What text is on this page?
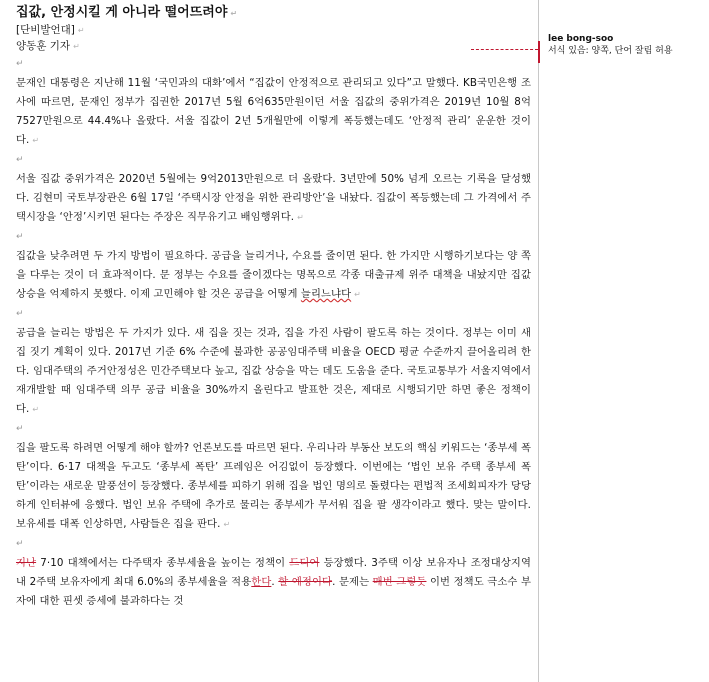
집값, 안정시킬 게 아니라 떨어뜨려야 ↵
[단비발언대] ↵
양동훈 기자 ↵
↵

문재인 대통령은 지난해 11월 ‘국민과의 대화’에서 “집값이 안정적으로 관리되고 있다”고 말했다. KB국민은행 조사에 따르면, 문재인 정부가 집권한 2017년 5월 6억635만원이던 서울 집값의 중위가격은 2019년 10월 8억7527만원으로 44.4%나 올랐다. 서울 집값이 2년 5개월만에 이렇게 폭등했는데도 ‘안정적 관리’ 운운한 것이다. ↵

↵

서울 집값 중위가격은 2020년 5월에는 9억2013만원으로 더 올랐다. 3년만에 50% 넘게 오르는 기록을 달성했다. 김현미 국토부장관은 6월 17일 ‘주택시장 안정을 위한 관리방안’을 내놨다. 집값이 폭등했는데 그 가격에서 주택시장을 ‘안정’시키면 된다는 주장은 직무유기고 배임행위다. ↵

↵

집값을 낮추려면 두 가지 방법이 필요하다. 공급을 늘리거나, 수요를 줄이면 된다. 한 가지만 시행하기보다는 양 쪽을 다루는 것이 더 효과적이다. 문 정부는 수요를 줄이겠다는 명목으로 각종 대출규제 위주 대책을 내놨지만 집값 상승을 억제하지 못했다. 이제 고민해야 할 것은 공급을 어떻게 늘리느냐다 ↵

↵

공급을 늘리는 방법은 두 가지가 있다. 새 집을 짓는 것과, 집을 가진 사람이 팔도록 하는 것이다. 정부는 이미 새 집 짓기 계획이 있다. 2017년 기준 6% 수준에 불과한 공공임대주택 비율을 OECD 평균 수준까지 끌어올리려 한다. 임대주택의 주거안정성은 민간주택보다 높고, 집값 상승을 막는 데도 도움을 준다. 국토교통부가 서울지역에서 재개발할 때 임대주택 의무 공급 비율을 30%까지 올린다고 발표한 것은, 제대로 시행되기만 하면 좋은 정책이다. ↵

↵

집을 팔도록 하려면 어떻게 해야 할까? 언론보도를 따르면 된다. 우리나라 부동산 보도의 핵심 키워드는 ‘종부세 폭탄’이다. 6·17 대책을 두고도 ‘종부세 폭탄’ 프레임은 어김없이 등장했다. 이번에는 ‘법인 보유 주택 종부세 폭탄’이라는 새로운 말풍선이 등장했다. 종부세를 피하기 위해 집을 법인 명의로 돌렸다는 편법적 조세회피자가 당당하게 인터뷰에 응했다. 법인 보유 주택에 추가로 물리는 종부세가 무서워 집을 팔 생각이라고 했다. 맞는 말이다. 보유세를 대폭 인상하면, 사람들은 집을 판다. ↵

↵

지난 7·10 대책에서는 다주택자 종부세율을 높이는 정책이 드디어 등장했다. 3주택 이상 보유자나 조정대상지역 내 2주택 보유자에게 최대 6.0%의 종부세율을 적용한다. 할 예정이다. 문제는 매번 그렇듯 이번 정책도 극소수 부자에 대한 핀셋 증세에 불과하다는 것

lee bong-soo
서식 있음: 양쪽, 단어 잘림 허용
